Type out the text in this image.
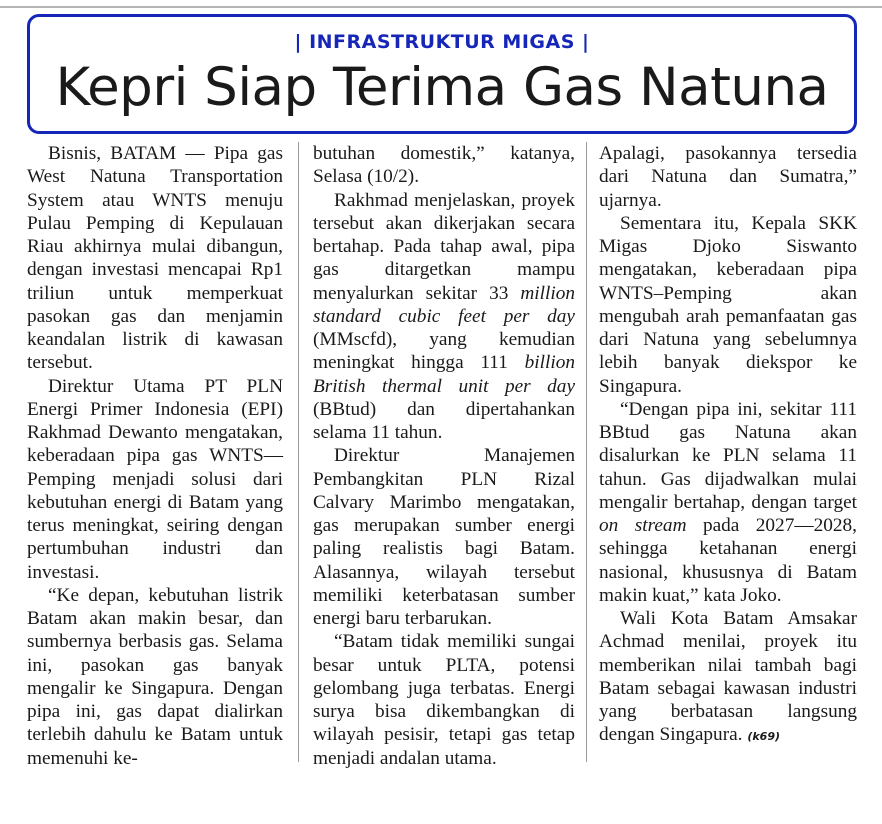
| INFRASTRUKTUR MIGAS |
Kepri Siap Terima Gas Natuna

Bisnis, BATAM — Pipa gas West Natuna Transportation System atau WNTS menuju Pulau Pemping di Kepulauan Riau akhirnya mulai dibangun, dengan investasi mencapai Rp1 triliun untuk memperkuat pasokan gas dan menjamin keandalan listrik di kawasan tersebut.

Direktur Utama PT PLN Energi Primer Indonesia (EPI) Rakhmad Dewanto mengatakan, keberadaan pipa gas WNTS—Pemping menjadi solusi dari kebutuhan energi di Batam yang terus meningkat, seiring dengan pertumbuhan industri dan investasi.

“Ke depan, kebutuhan listrik Batam akan makin besar, dan sumbernya berbasis gas. Selama ini, pasokan gas banyak mengalir ke Singapura. Dengan pipa ini, gas dapat dialirkan terlebih dahulu ke Batam untuk memenuhi ke-

butuhan domestik,” katanya, Selasa (10/2).

Rakhmad menjelaskan, proyek tersebut akan dikerjakan secara bertahap. Pada tahap awal, pipa gas ditargetkan mampu menyalurkan sekitar 33 million standard cubic feet per day (MMscfd), yang kemudian meningkat hingga 111 billion British thermal unit per day (BBtud) dan dipertahankan selama 11 tahun.

Direktur Manajemen Pembangkitan PLN Rizal Calvary Marimbo mengatakan, gas merupakan sumber energi paling realistis bagi Batam. Alasannya, wilayah tersebut memiliki keterbatasan sumber energi baru terbarukan.

“Batam tidak memiliki sungai besar untuk PLTA, potensi gelombang juga terbatas. Energi surya bisa dikembangkan di wilayah pesisir, tetapi gas tetap menjadi andalan utama.

Apalagi, pasokannya tersedia dari Natuna dan Sumatra,” ujarnya.

Sementara itu, Kepala SKK Migas Djoko Siswanto mengatakan, keberadaan pipa WNTS–Pemping akan mengubah arah pemanfaatan gas dari Natuna yang sebelumnya lebih banyak diekspor ke Singapura.

“Dengan pipa ini, sekitar 111 BBtud gas Natuna akan disalurkan ke PLN selama 11 tahun. Gas dijadwalkan mulai mengalir bertahap, dengan target on stream pada 2027—2028, sehingga ketahanan energi nasional, khususnya di Batam makin kuat,” kata Joko.

Wali Kota Batam Amsakar Achmad menilai, proyek itu memberikan nilai tambah bagi Batam sebagai kawasan industri yang berbatasan langsung dengan Singapura. (k69)
